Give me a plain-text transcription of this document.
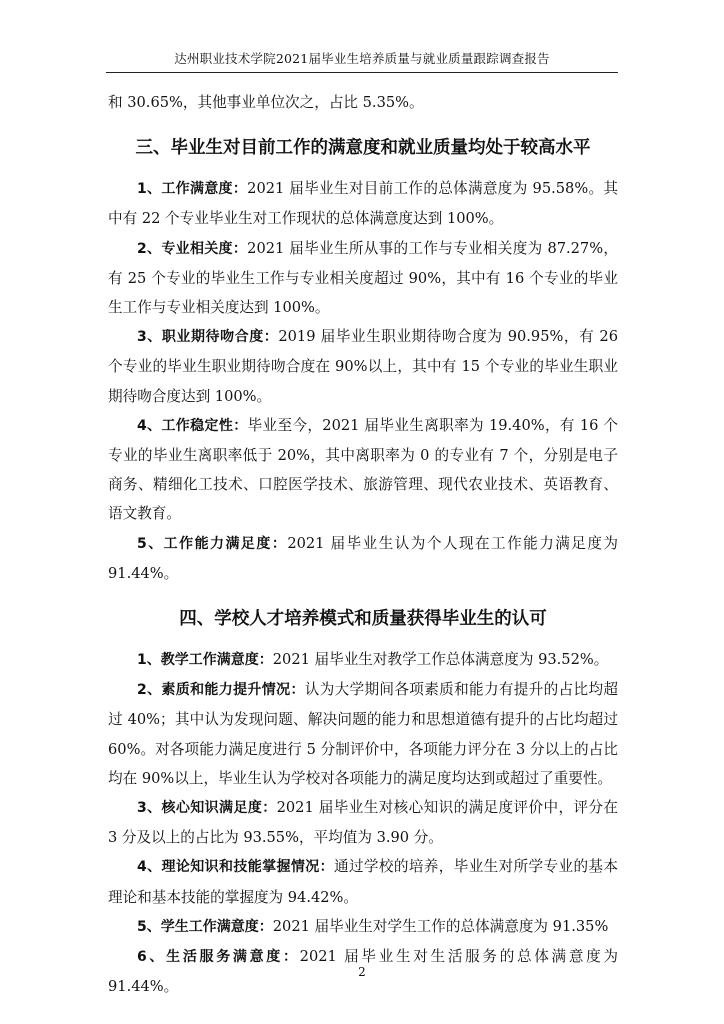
达州职业技术学院2021届毕业生培养质量与就业质量跟踪调查报告

和 30.65%，其他事业单位次之，占比 5.35%。

三、毕业生对目前工作的满意度和就业质量均处于较高水平

1、工作满意度：2021 届毕业生对目前工作的总体满意度为 95.58%。其中有 22 个专业毕业生对工作现状的总体满意度达到 100%。

2、专业相关度：2021 届毕业生所从事的工作与专业相关度为 87.27%，有 25 个专业的毕业生工作与专业相关度超过 90%，其中有 16 个专业的毕业生工作与专业相关度达到 100%。

3、职业期待吻合度：2019 届毕业生职业期待吻合度为 90.95%，有 26 个专业的毕业生职业期待吻合度在 90%以上，其中有 15 个专业的毕业生职业期待吻合度达到 100%。

4、工作稳定性：毕业至今，2021 届毕业生离职率为 19.40%，有 16 个专业的毕业生离职率低于 20%，其中离职率为 0 的专业有 7 个，分别是电子商务、精细化工技术、口腔医学技术、旅游管理、现代农业技术、英语教育、语文教育。

5、工作能力满足度：2021 届毕业生认为个人现在工作能力满足度为 91.44%。

四、学校人才培养模式和质量获得毕业生的认可

1、教学工作满意度：2021 届毕业生对教学工作总体满意度为 93.52%。

2、素质和能力提升情况：认为大学期间各项素质和能力有提升的占比均超过 40%；其中认为发现问题、解决问题的能力和思想道德有提升的占比均超过 60%。对各项能力满足度进行 5 分制评价中，各项能力评分在 3 分以上的占比均在 90%以上，毕业生认为学校对各项能力的满足度均达到或超过了重要性。

3、核心知识满足度：2021 届毕业生对核心知识的满足度评价中，评分在 3 分及以上的占比为 93.55%，平均值为 3.90 分。

4、理论知识和技能掌握情况：通过学校的培养，毕业生对所学专业的基本理论和基本技能的掌握度为 94.42%。

5、学生工作满意度：2021 届毕业生对学生工作的总体满意度为 91.35%

6、生活服务满意度：2021 届毕业生对生活服务的总体满意度为 91.44%。

2
